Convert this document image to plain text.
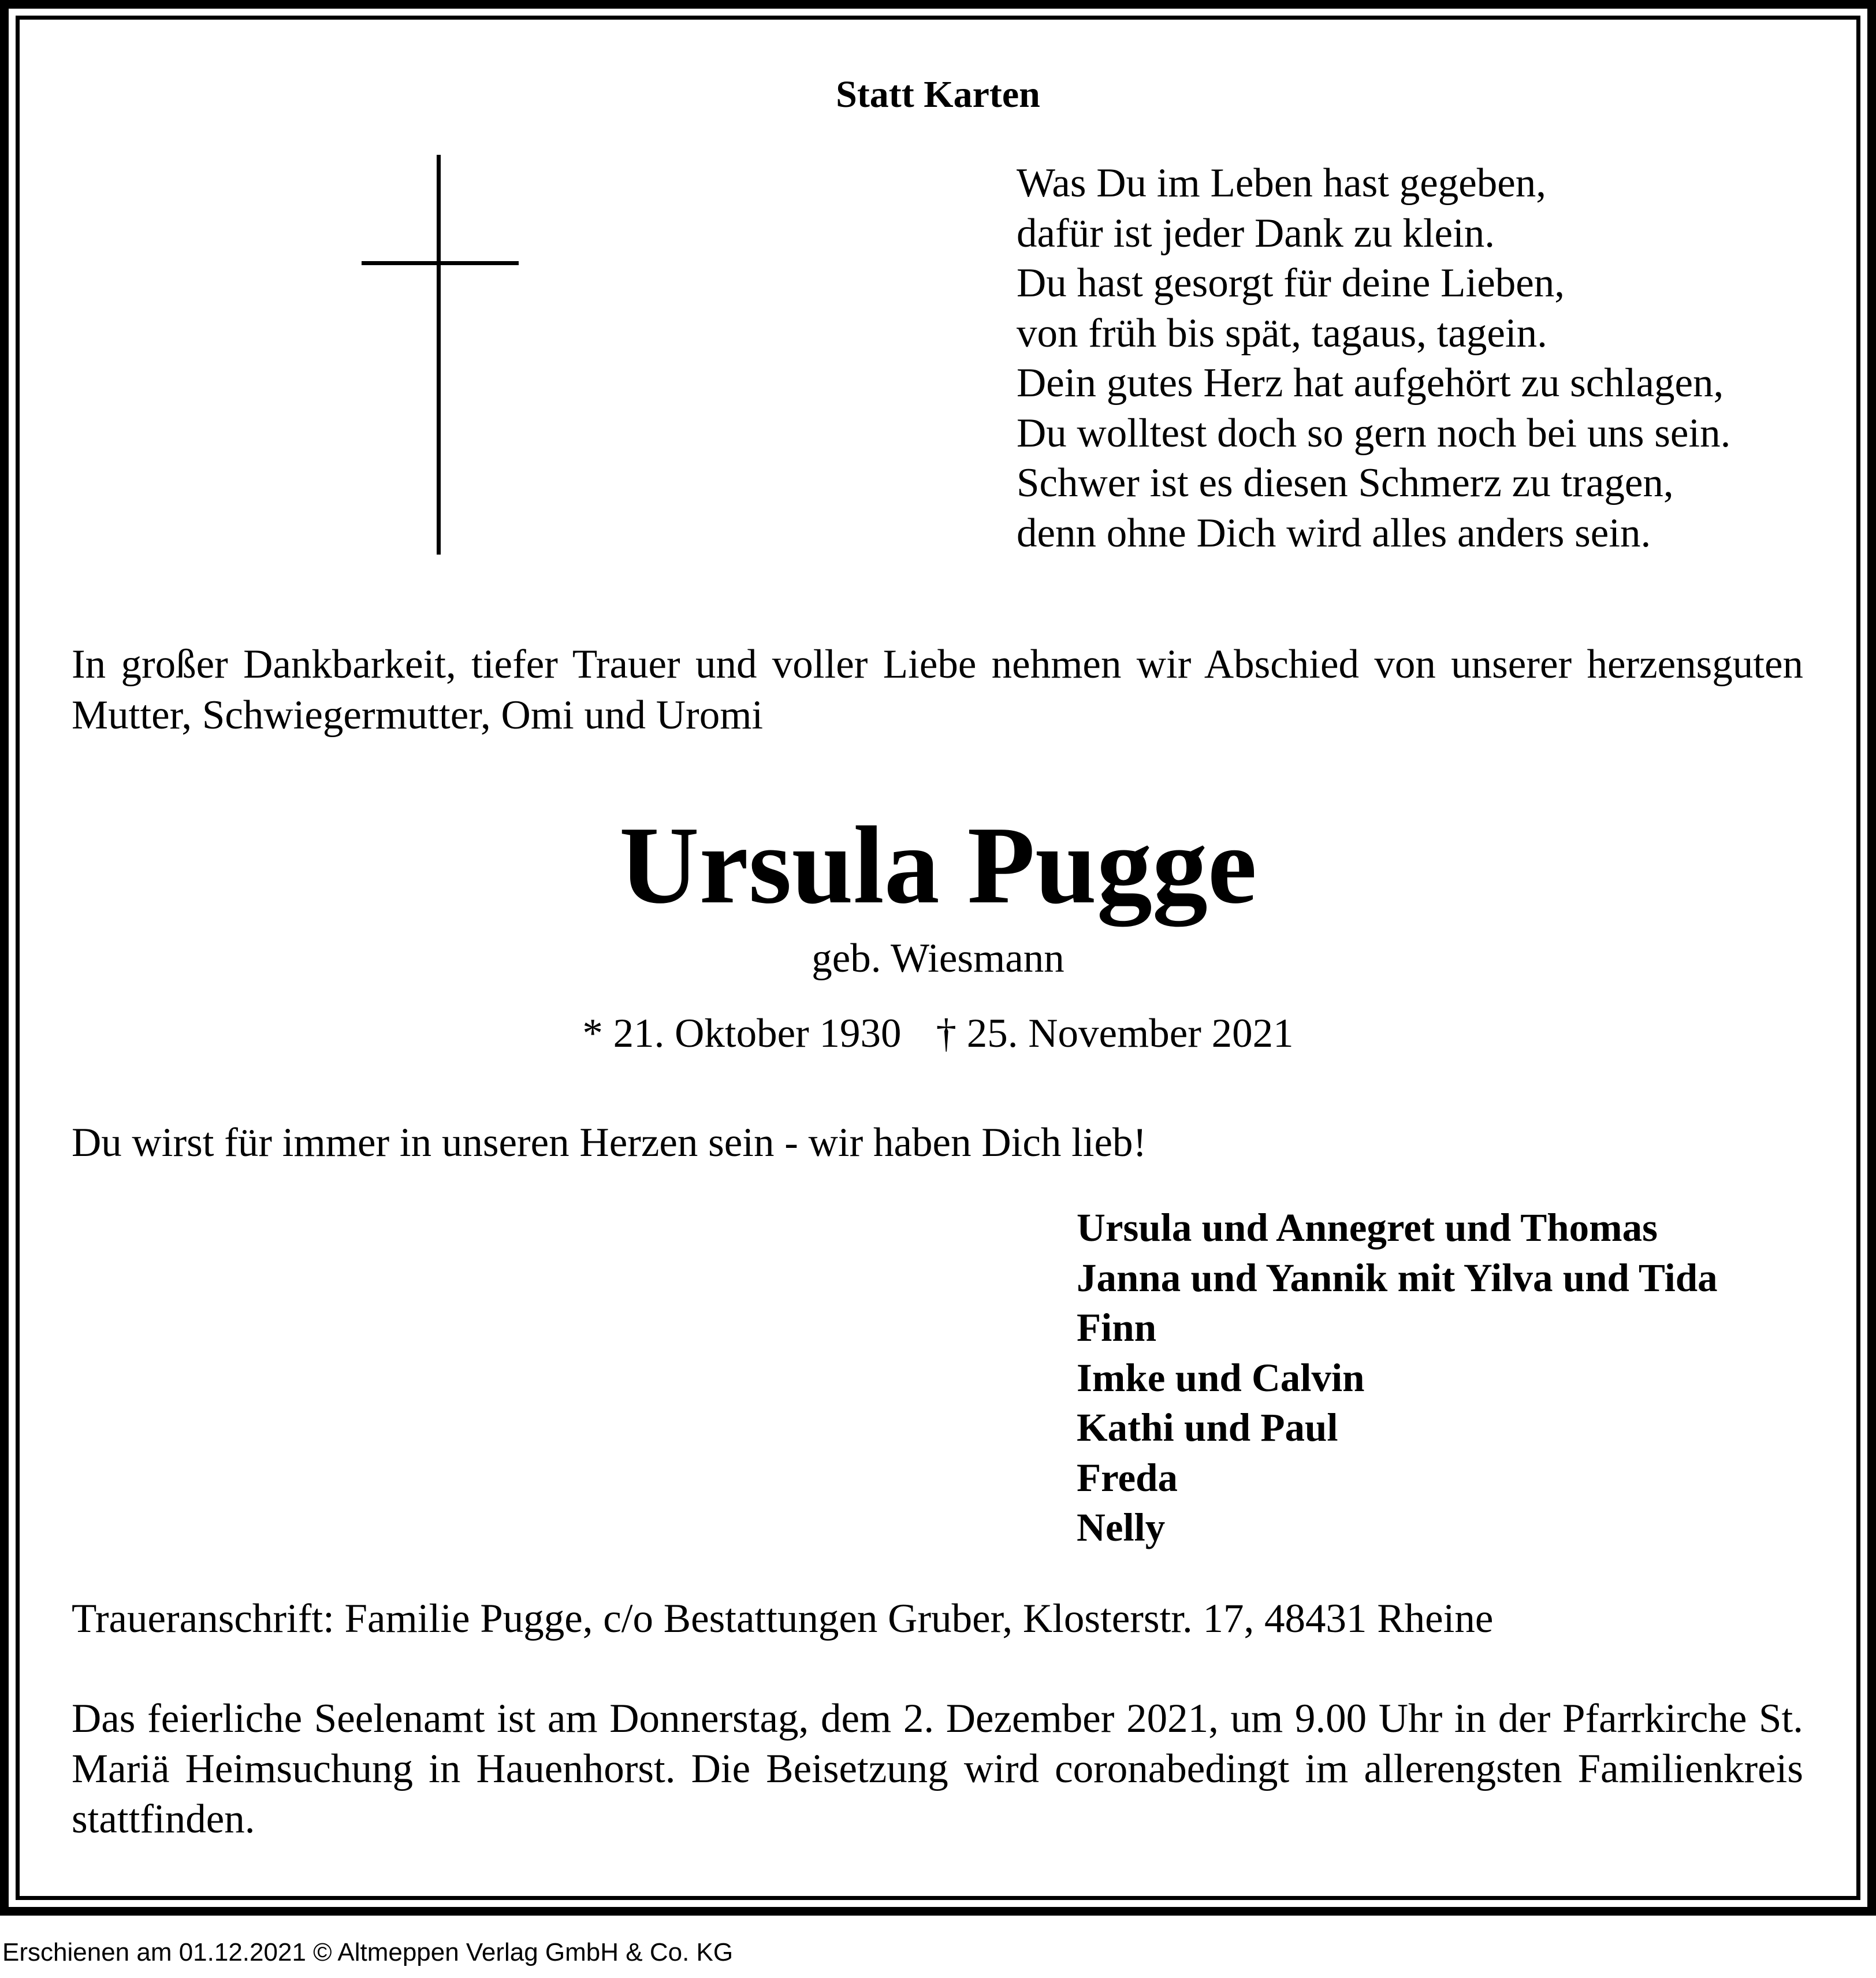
Statt Karten
Was Du im Leben hast gegeben,
dafür ist jeder Dank zu klein.
Du hast gesorgt für deine Lieben,
von früh bis spät, tagaus, tagein.
Dein gutes Herz hat aufgehört zu schlagen,
Du wolltest doch so gern noch bei uns sein.
Schwer ist es diesen Schmerz zu tragen,
denn ohne Dich wird alles anders sein.
In großer Dankbarkeit, tiefer Trauer und voller Liebe nehmen wir Abschied von unserer herzensguten Mutter, Schwiegermutter, Omi und Uromi
Ursula Pugge
geb. Wiesmann
* 21. Oktober 1930 † 25. November 2021
Du wirst für immer in unseren Herzen sein - wir haben Dich lieb!
Ursula und Annegret und Thomas
Janna und Yannik mit Yilva und Tida
Finn
Imke und Calvin
Kathi und Paul
Freda
Nelly
Traueranschrift: Familie Pugge, c/o Bestattungen Gruber, Klosterstr. 17, 48431 Rheine
Das feierliche Seelenamt ist am Donnerstag, dem 2. Dezember 2021, um 9.00 Uhr in der Pfarrkirche St. Mariä Heimsuchung in Hauenhorst. Die Beisetzung wird coronabedingt im allerengsten Familienkreis stattfinden.
Erschienen am 01.12.2021 © Altmeppen Verlag GmbH & Co. KG
